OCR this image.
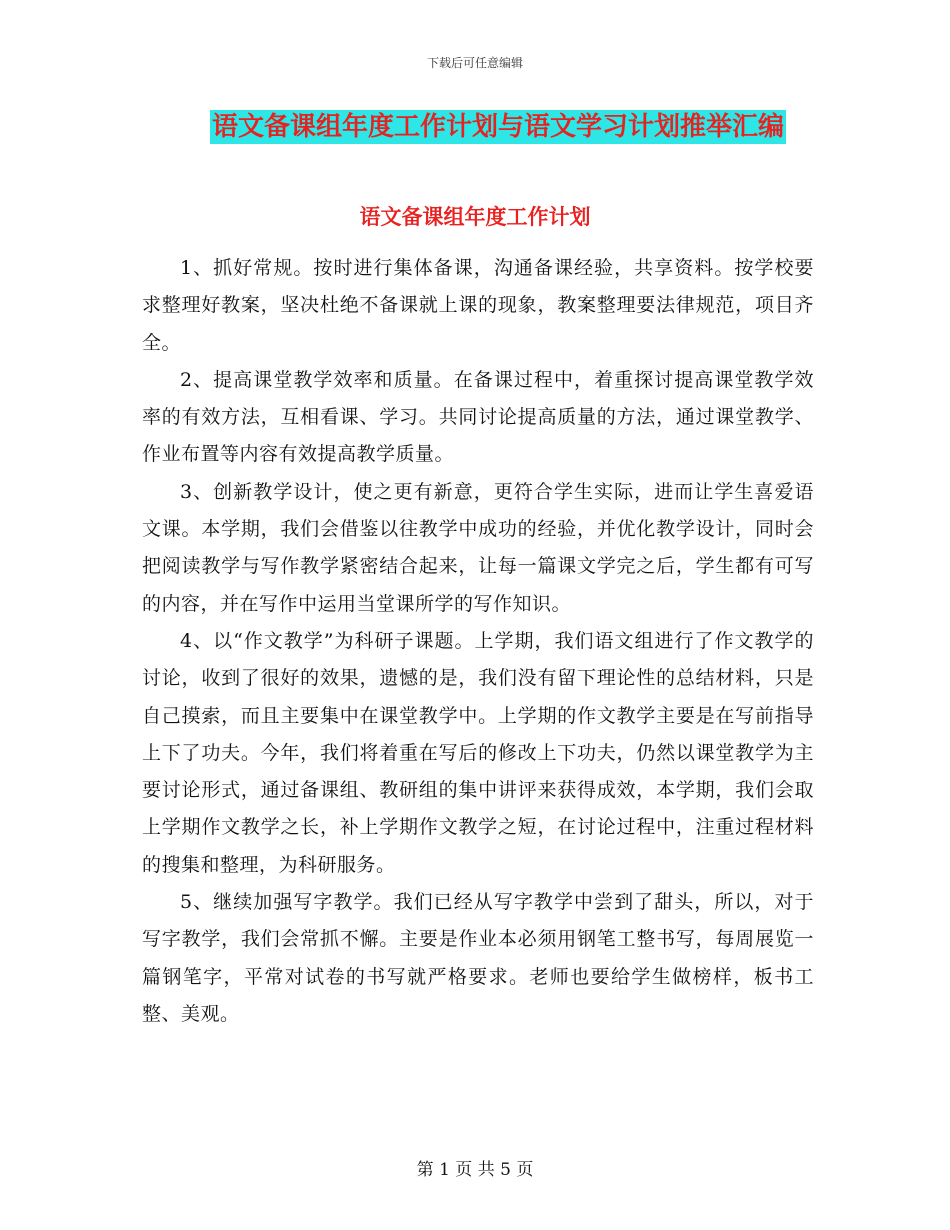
下载后可任意编辑
语文备课组年度工作计划与语文学习计划推举汇编
语文备课组年度工作计划

1、抓好常规。按时进行集体备课，沟通备课经验，共享资料。按学校要求整理好教案，坚决杜绝不备课就上课的现象，教案整理要法律规范，项目齐全。

2、提高课堂教学效率和质量。在备课过程中，着重探讨提高课堂教学效率的有效方法，互相看课、学习。共同讨论提高质量的方法，通过课堂教学、作业布置等内容有效提高教学质量。

3、创新教学设计，使之更有新意，更符合学生实际，进而让学生喜爱语文课。本学期，我们会借鉴以往教学中成功的经验，并优化教学设计，同时会把阅读教学与写作教学紧密结合起来，让每一篇课文学完之后，学生都有可写的内容，并在写作中运用当堂课所学的写作知识。

4、以“作文教学”为科研子课题。上学期，我们语文组进行了作文教学的讨论，收到了很好的效果，遗憾的是，我们没有留下理论性的总结材料，只是自己摸索，而且主要集中在课堂教学中。上学期的作文教学主要是在写前指导上下了功夫。今年，我们将着重在写后的修改上下功夫，仍然以课堂教学为主要讨论形式，通过备课组、教研组的集中讲评来获得成效，本学期，我们会取上学期作文教学之长，补上学期作文教学之短，在讨论过程中，注重过程材料的搜集和整理，为科研服务。

5、继续加强写字教学。我们已经从写字教学中尝到了甜头，所以，对于写字教学，我们会常抓不懈。主要是作业本必须用钢笔工整书写，每周展览一篇钢笔字，平常对试卷的书写就严格要求。老师也要给学生做榜样，板书工整、美观。

第 1 页 共 5 页
